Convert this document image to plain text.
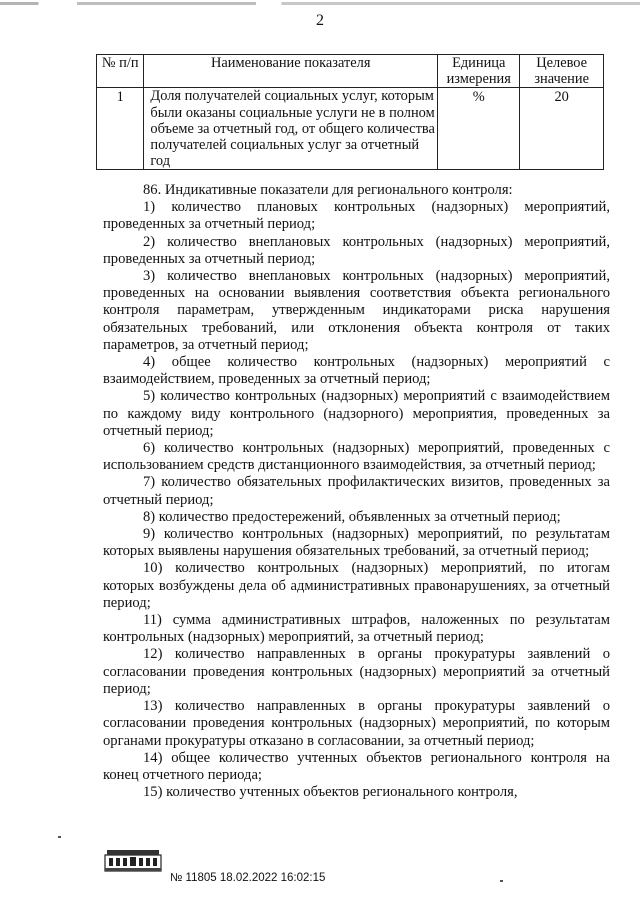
2
№ п/п	Наименование показателя	Единица измерения	Целевое значение
1	Доля получателей социальных услуг, которым были оказаны социальные услуги не в полном объеме за отчетный год, от общего количества получателей социальных услуг за отчетный год	%	20

86. Индикативные показатели для регионального контроля:

1) количество плановых контрольных (надзорных) мероприятий, проведенных за отчетный период;

2) количество внеплановых контрольных (надзорных) мероприятий, проведенных за отчетный период;

3) количество внеплановых контрольных (надзорных) мероприятий, проведенных на основании выявления соответствия объекта регионального контроля параметрам, утвержденным индикаторами риска нарушения обязательных требований, или отклонения объекта контроля от таких параметров, за отчетный период;

4) общее количество контрольных (надзорных) мероприятий с взаимодействием, проведенных за отчетный период;

5) количество контрольных (надзорных) мероприятий с взаимодействием по каждому виду контрольного (надзорного) мероприятия, проведенных за отчетный период;

6) количество контрольных (надзорных) мероприятий, проведенных с использованием средств дистанционного взаимодействия, за отчетный период;

7) количество обязательных профилактических визитов, проведенных за отчетный период;

8) количество предостережений, объявленных за отчетный период;

9) количество контрольных (надзорных) мероприятий, по результатам которых выявлены нарушения обязательных требований, за отчетный период;

10) количество контрольных (надзорных) мероприятий, по итогам которых возбуждены дела об административных правонарушениях, за отчетный период;

11) сумма административных штрафов, наложенных по результатам контрольных (надзорных) мероприятий, за отчетный период;

12) количество направленных в органы прокуратуры заявлений о согласовании проведения контрольных (надзорных) мероприятий за отчетный период;

13) количество направленных в органы прокуратуры заявлений о согласовании проведения контрольных (надзорных) мероприятий, по которым органами прокуратуры отказано в согласовании, за отчетный период;

14) общее количество учтенных объектов регионального контроля на конец отчетного периода;

15) количество учтенных объектов регионального контроля,

№ 11805 18.02.2022 16:02:15
